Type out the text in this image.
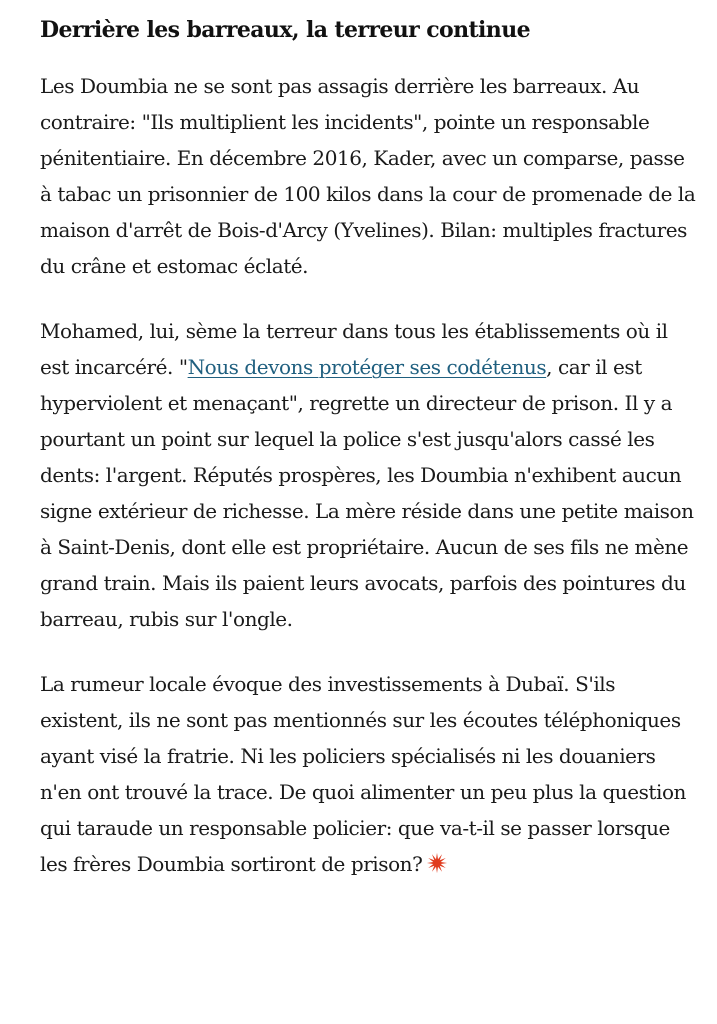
Derrière les barreaux, la terreur continue

Les Doumbia ne se sont pas assagis derrière les barreaux. Au contraire: "Ils multiplient les incidents", pointe un responsable pénitentiaire. En décembre 2016, Kader, avec un comparse, passe à tabac un prisonnier de 100 kilos dans la cour de promenade de la maison d'arrêt de Bois-d'Arcy (Yvelines). Bilan: multiples fractures du crâne et estomac éclaté.

Mohamed, lui, sème la terreur dans tous les établissements où il est incarcéré. "Nous devons protéger ses codétenus, car il est hyperviolent et menaçant", regrette un directeur de prison. Il y a pourtant un point sur lequel la police s'est jusqu'alors cassé les dents: l'argent. Réputés prospères, les Doumbia n'exhibent aucun signe extérieur de richesse. La mère réside dans une petite maison à Saint-Denis, dont elle est propriétaire. Aucun de ses fils ne mène grand train. Mais ils paient leurs avocats, parfois des pointures du barreau, rubis sur l'ongle.

La rumeur locale évoque des investissements à Dubaï. S'ils existent, ils ne sont pas mentionnés sur les écoutes téléphoniques ayant visé la fratrie. Ni les policiers spécialisés ni les douaniers n'en ont trouvé la trace. De quoi alimenter un peu plus la question qui taraude un responsable policier: que va-t-il se passer lorsque les frères Doumbia sortiront de prison?
